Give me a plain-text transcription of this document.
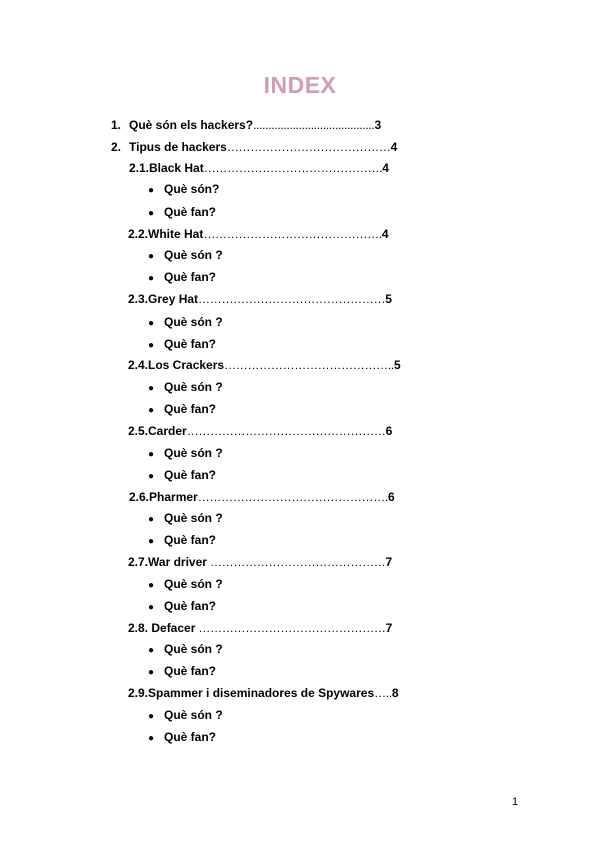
INDEX
1. Què són els hackers?........................................3
2. Tipus de hackers……………………………………4
2.1.Black Hat……………………………………….4
● Què són?
● Què fan?
2.2.White Hat……………………………………….4
● Què són ?
● Què fan?
2.3.Grey Hat…………………………………………5
● Què són ?
● Què fan?
2.4.Los Crackers……………………………………..5
● Què són ?
● Què fan?
2.5.Carder……………………………………………6
● Què són ?
● Què fan?
2.6.Pharmer………………………………………….6
● Què són ?
● Què fan?
2.7.War driver ………………………………………7
● Què són ?
● Què fan?
2.8. Defacer …………………………………………7
● Què són ?
● Què fan?
2.9.Spammer i diseminadores de Spywares…..8
● Què són ?
● Què fan?
1
